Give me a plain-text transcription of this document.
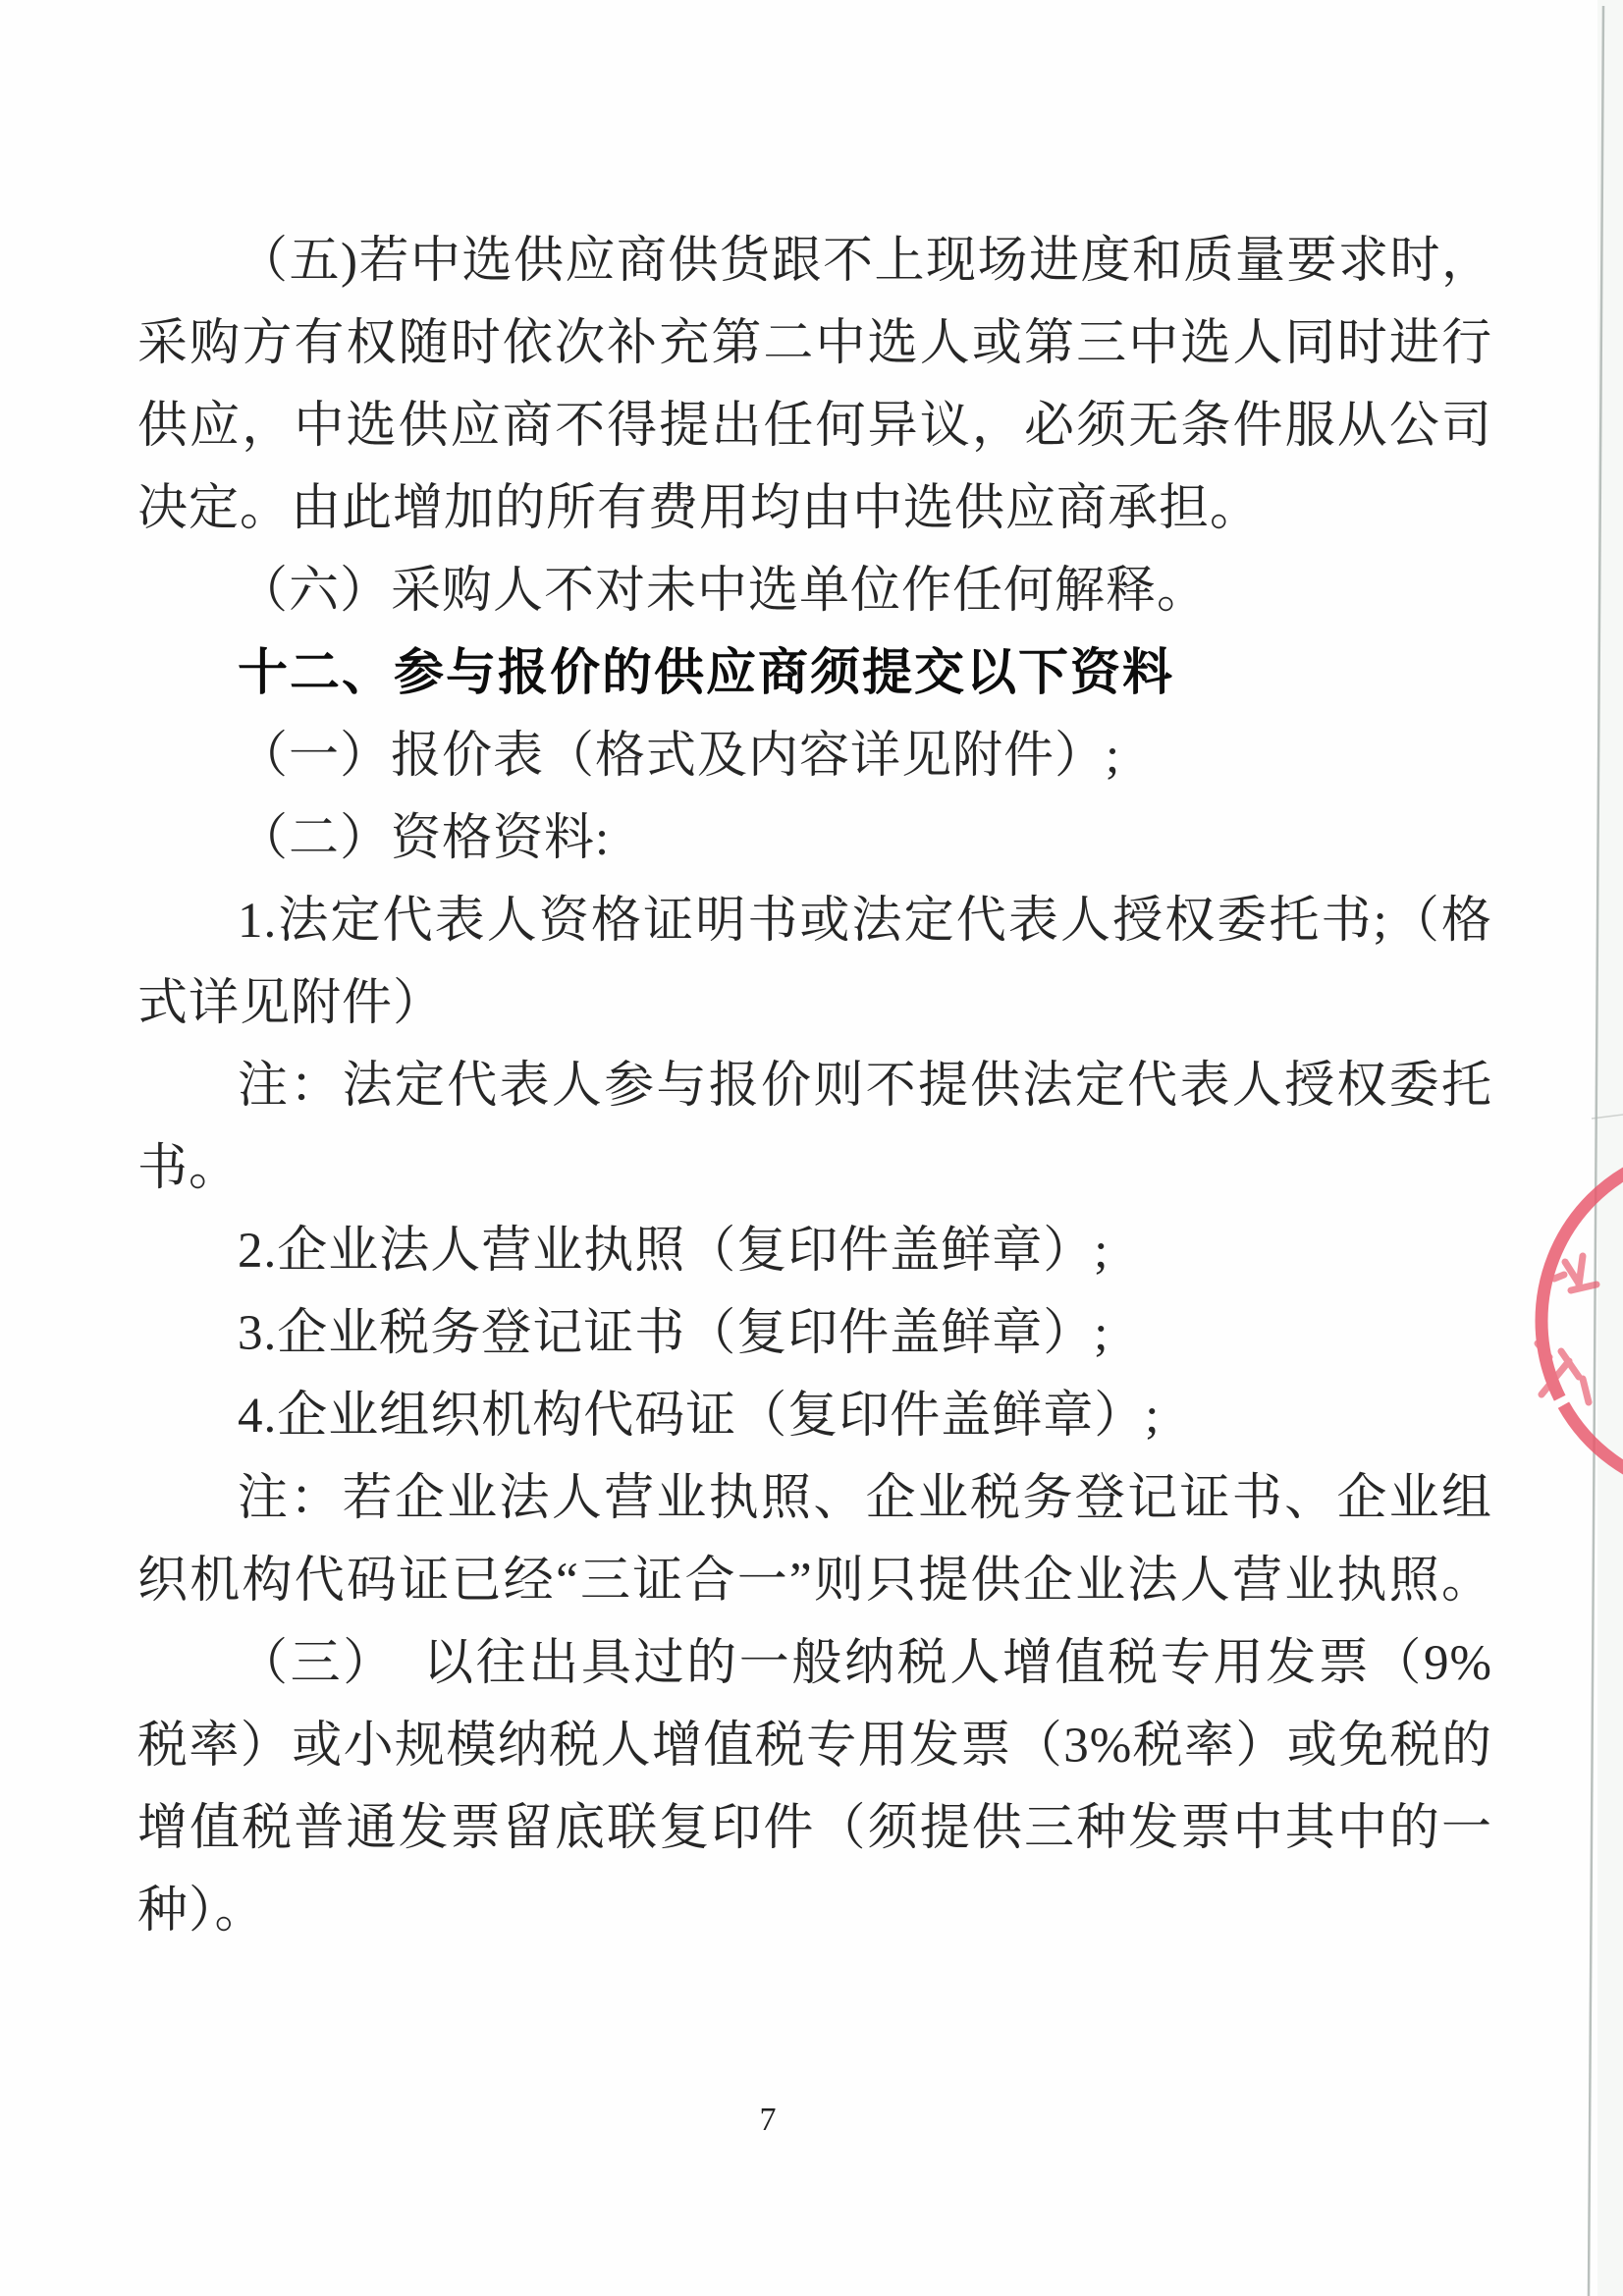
（五)若中选供应商供货跟不上现场进度和质量要求时，
采购方有权随时依次补充第二中选人或第三中选人同时进行
供应，中选供应商不得提出任何异议，必须无条件服从公司
决定。由此增加的所有费用均由中选供应商承担。
（六）采购人不对未中选单位作任何解释。
十二、参与报价的供应商须提交以下资料
（一）报价表（格式及内容详见附件）;
（二）资格资料:
1.法定代表人资格证明书或法定代表人授权委托书;（格
式详见附件）
注：法定代表人参与报价则不提供法定代表人授权委托
书。
2.企业法人营业执照（复印件盖鲜章）;
3.企业税务登记证书（复印件盖鲜章）;
4.企业组织机构代码证（复印件盖鲜章）;
注：若企业法人营业执照、企业税务登记证书、企业组
织机构代码证已经“三证合一”则只提供企业法人营业执照。
（三）　以往出具过的一般纳税人增值税专用发票（9%
税率）或小规模纳税人增值税专用发票（3%税率）或免税的
增值税普通发票留底联复印件（须提供三种发票中其中的一
种）。
7
